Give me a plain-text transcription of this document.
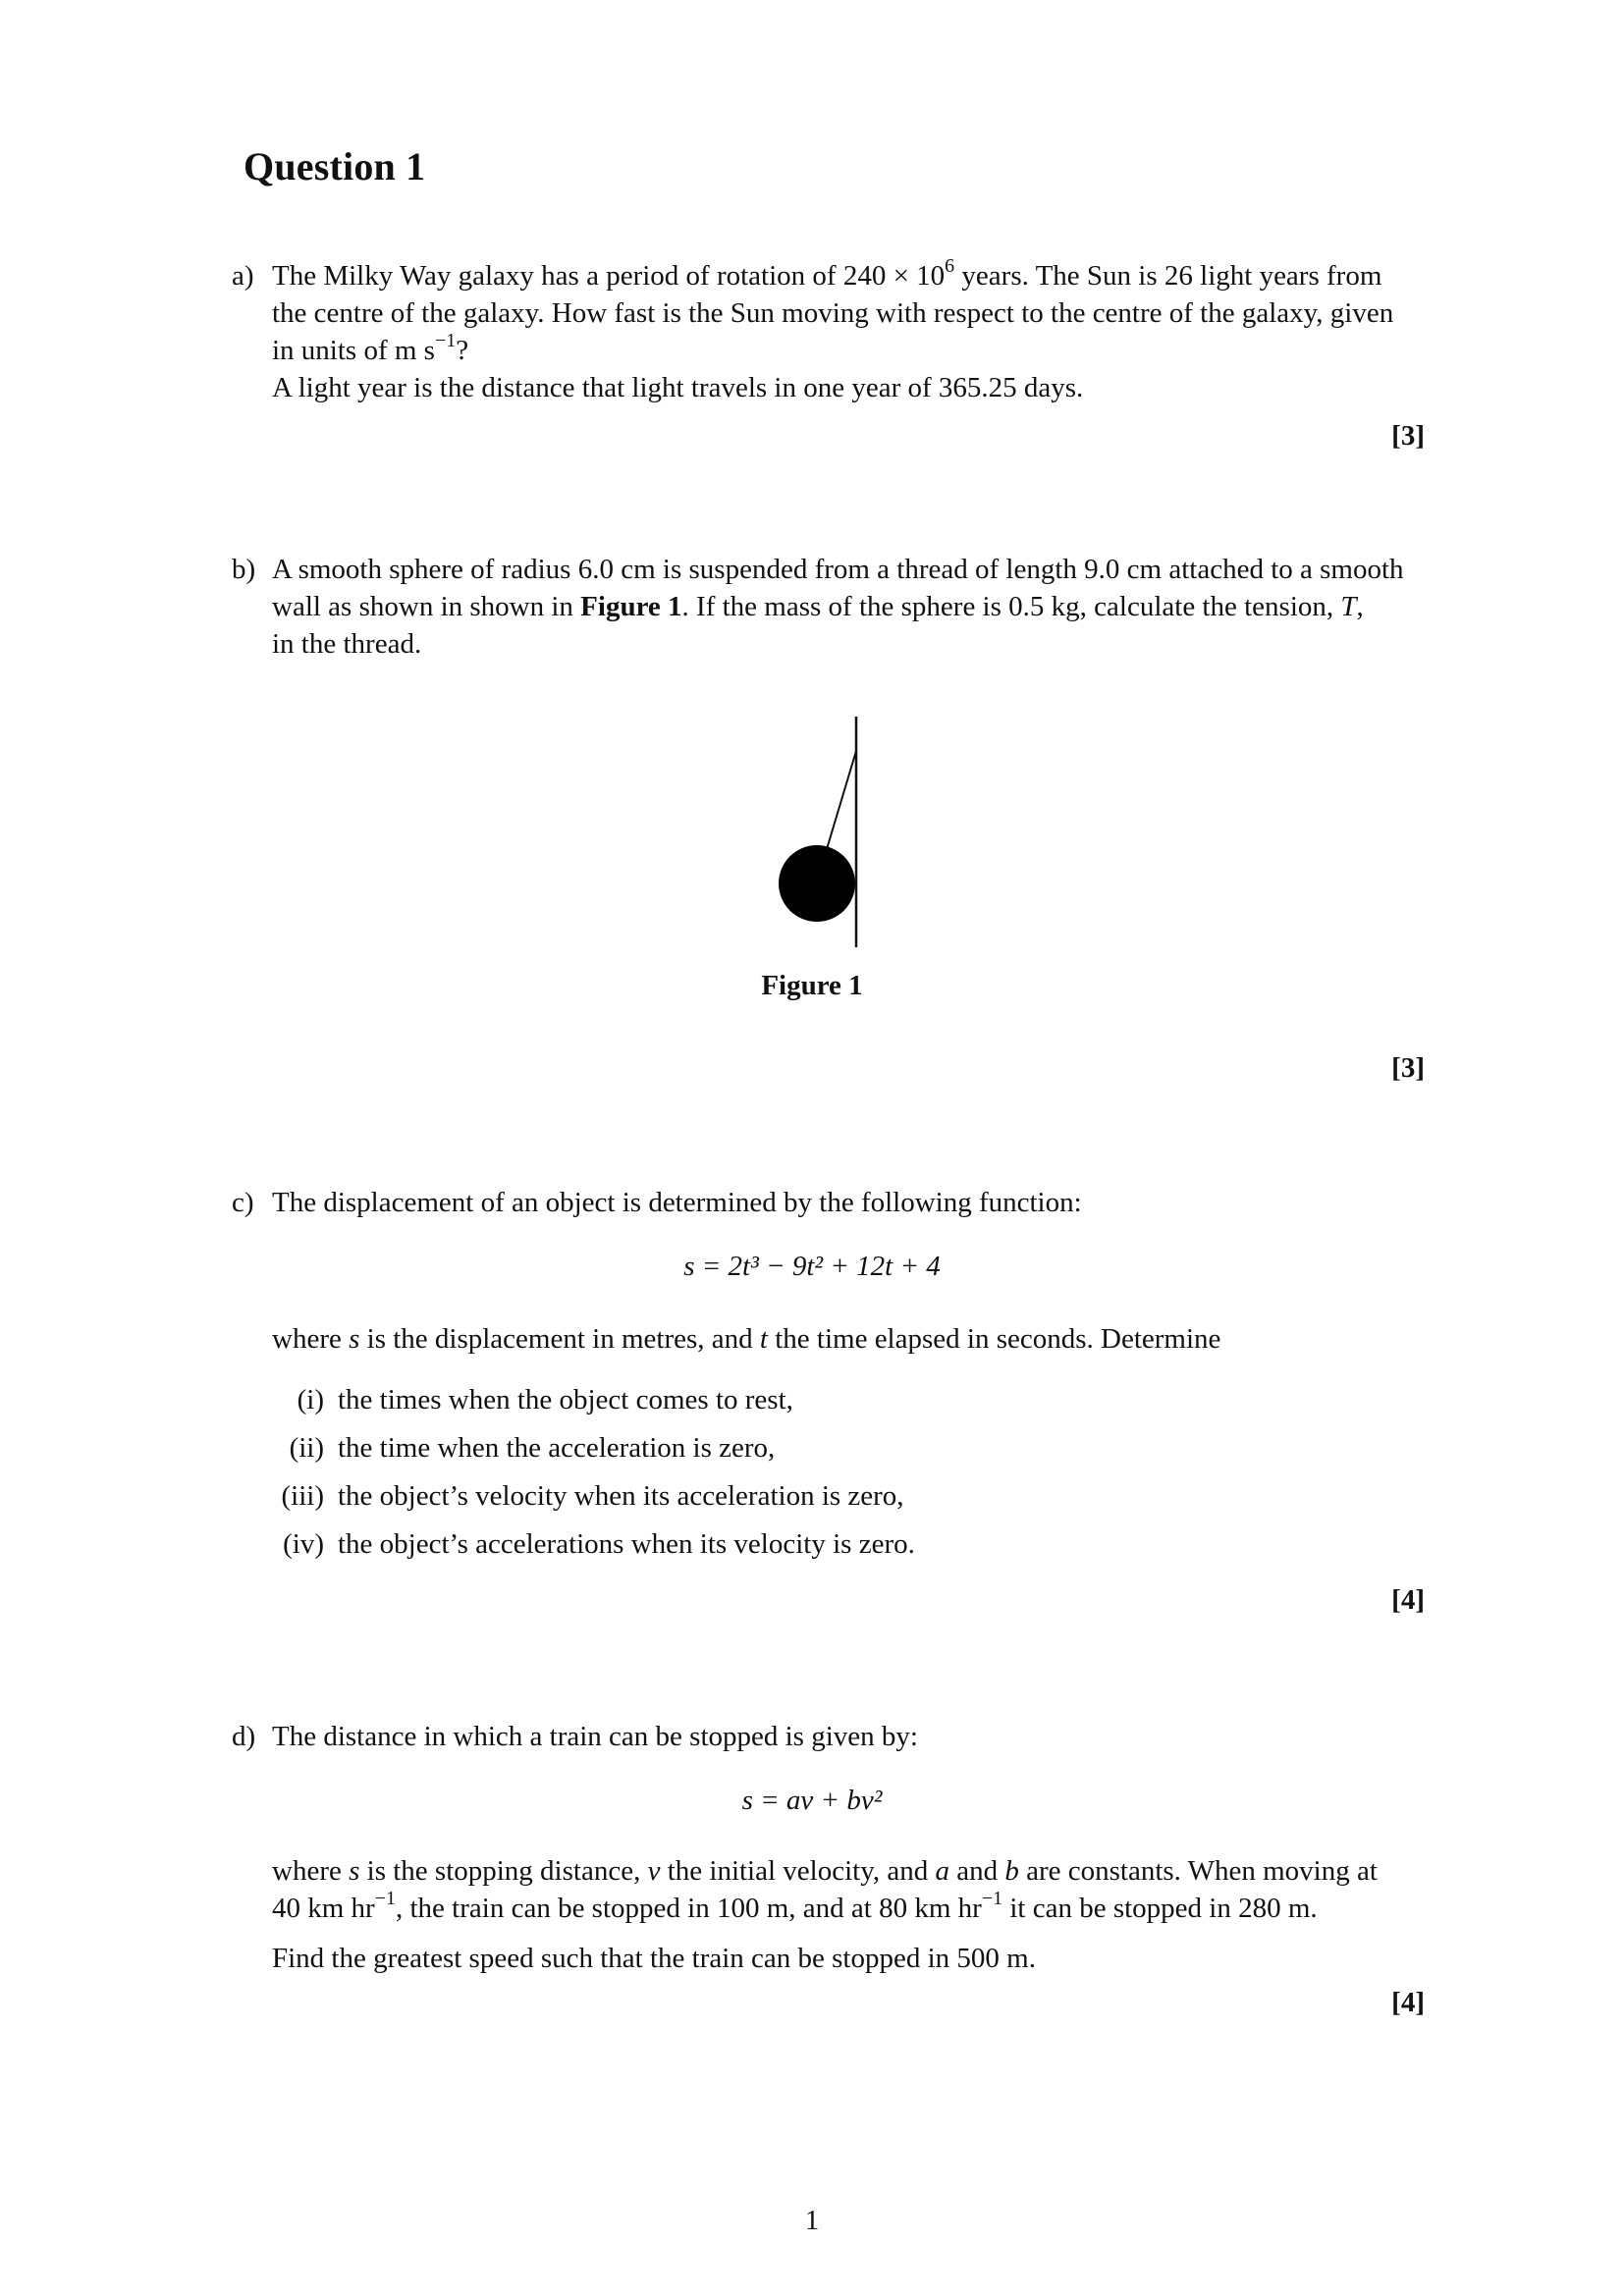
Question 1
a) The Milky Way galaxy has a period of rotation of $240 \times 10^6$ years. The Sun is 26 light years from
the centre of the galaxy. How fast is the Sun moving with respect to the centre of the galaxy, given
in units of m $s^{-1}$?
A light year is the distance that light travels in one year of 365.25 days.
[3]
b) A smooth sphere of radius 6.0 cm is suspended from a thread of length 9.0 cm attached to a smooth
wall as shown in shown in Figure 1. If the mass of the sphere is 0.5 kg, calculate the tension, T,
in the thread.
Figure 1
[3]
c) The displacement of an object is determined by the following function:
s = 2t³ − 9t² + 12t + 4
where s is the displacement in metres, and t the time elapsed in seconds. Determine
(i) the times when the object comes to rest,
(ii) the time when the acceleration is zero,
(iii) the object’s velocity when its acceleration is zero,
(iv) the object’s accelerations when its velocity is zero.
[4]
d) The distance in which a train can be stopped is given by:
s = av + bv²
where s is the stopping distance, v the initial velocity, and a and b are constants. When moving at
40 km $hr^{-1}$, the train can be stopped in 100 m, and at 80 km $hr^{-1}$ it can be stopped in 280 m.
Find the greatest speed such that the train can be stopped in 500 m.
[4]
1
